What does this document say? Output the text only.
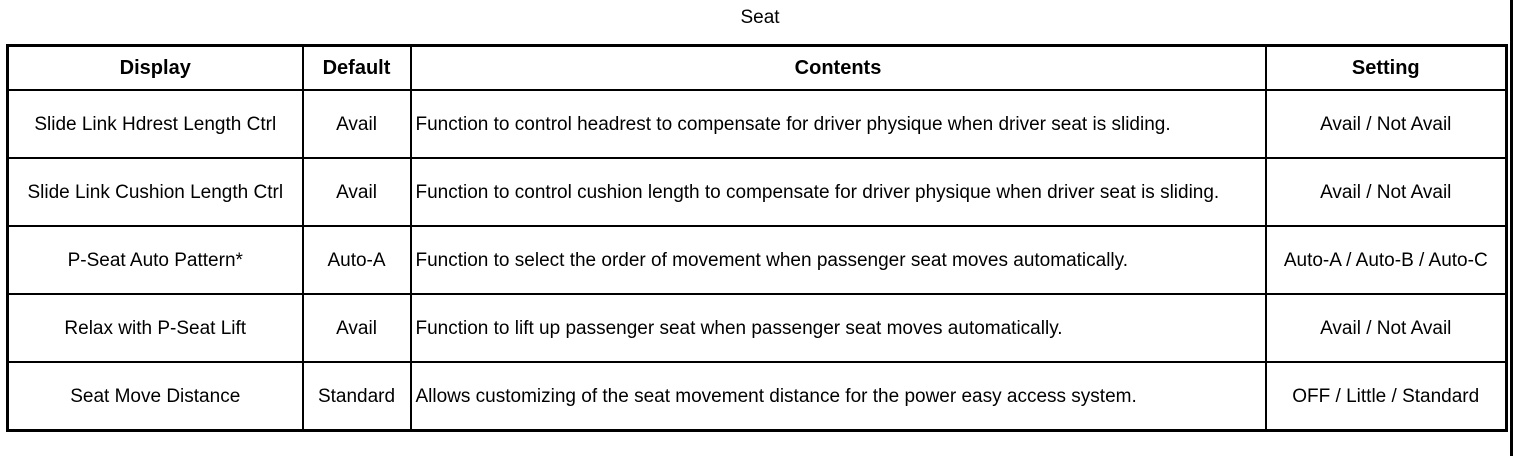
Seat
Display	Default	Contents	Setting
Slide Link Hdrest Length Ctrl	Avail	Function to control headrest to compensate for driver physique when driver seat is sliding.	Avail / Not Avail
Slide Link Cushion Length Ctrl	Avail	Function to control cushion length to compensate for driver physique when driver seat is sliding.	Avail / Not Avail
P-Seat Auto Pattern*	Auto-A	Function to select the order of movement when passenger seat moves automatically.	Auto-A / Auto-B / Auto-C
Relax with P-Seat Lift	Avail	Function to lift up passenger seat when passenger seat moves automatically.	Avail / Not Avail
Seat Move Distance	Standard	Allows customizing of the seat movement distance for the power easy access system.	OFF / Little / Standard
